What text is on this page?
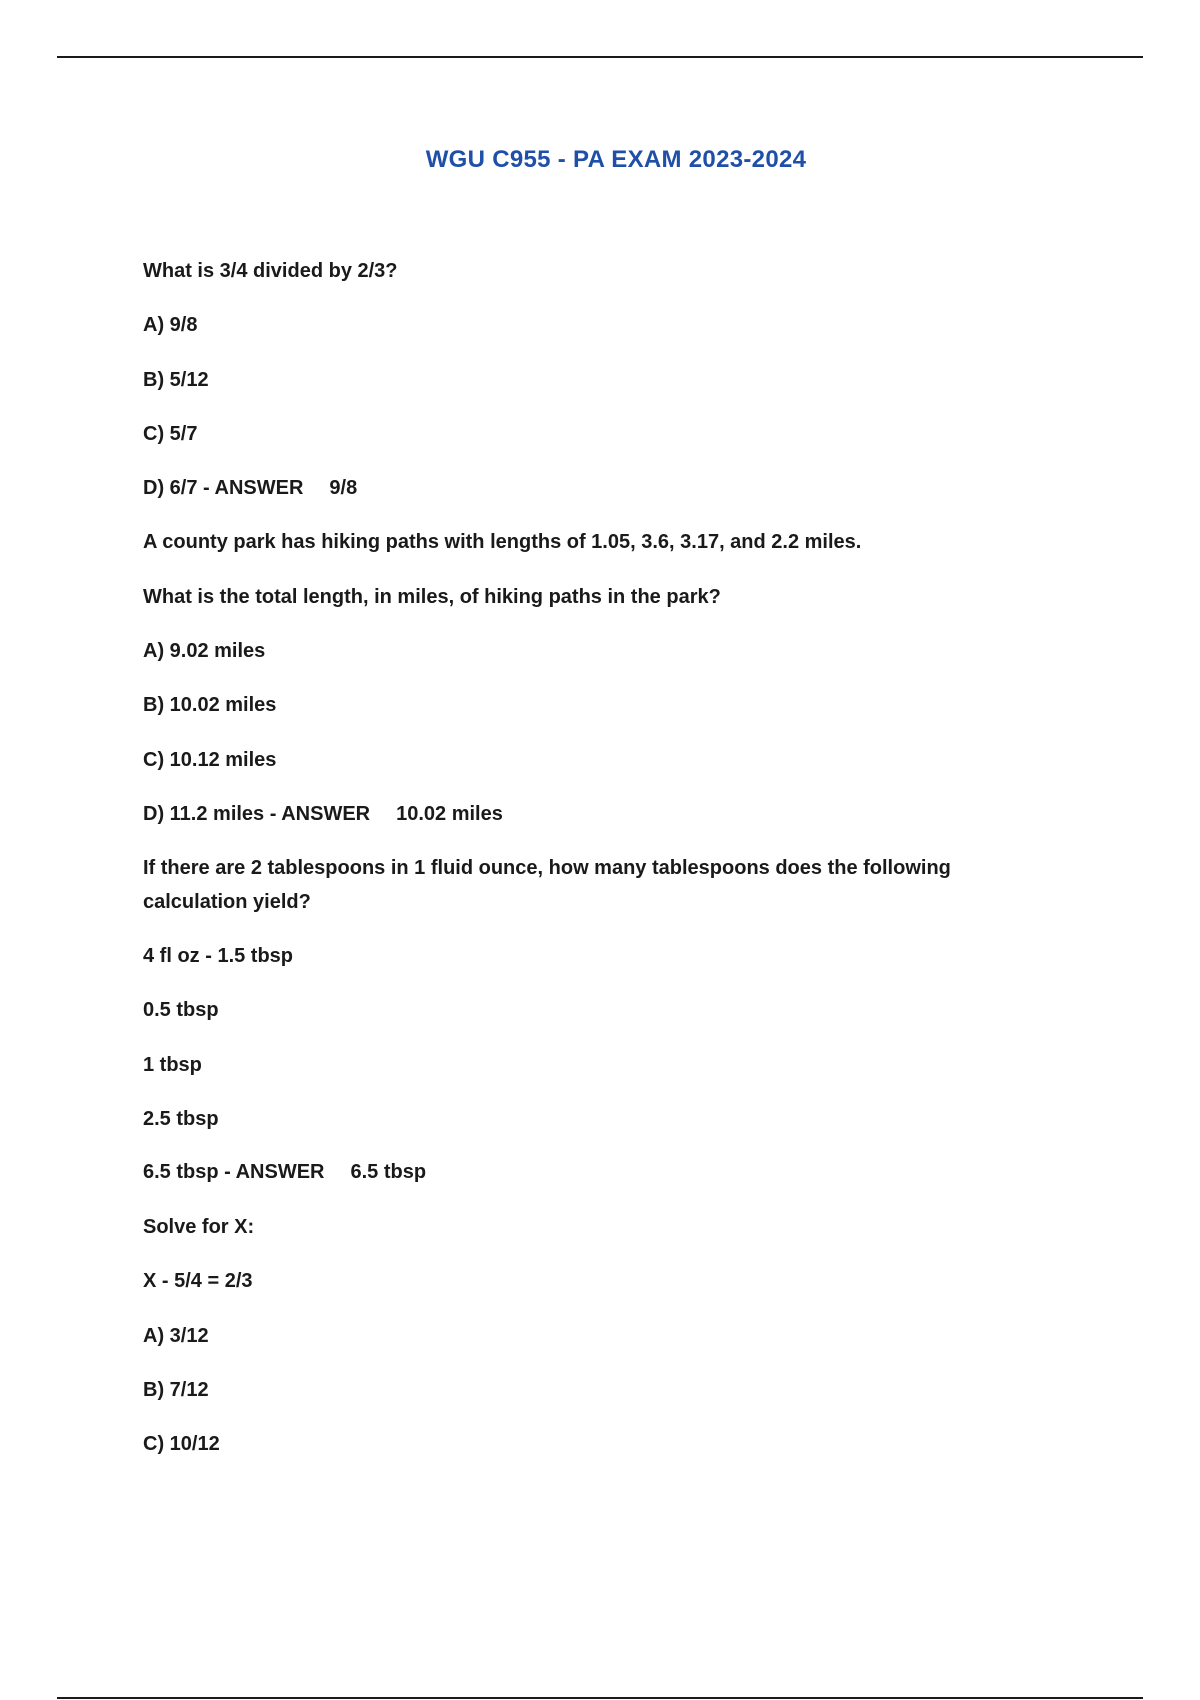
WGU C955 - PA EXAM 2023-2024
What is 3/4 divided by 2/3?
A) 9/8
B) 5/12
C) 5/7
D) 6/7 - ANSWER 9/8
A county park has hiking paths with lengths of 1.05, 3.6, 3.17, and 2.2 miles.
What is the total length, in miles, of hiking paths in the park?
A) 9.02 miles
B) 10.02 miles
C) 10.12 miles
D) 11.2 miles - ANSWER 10.02 miles
If there are 2 tablespoons in 1 fluid ounce, how many tablespoons does the following calculation yield?
4 fl oz - 1.5 tbsp
0.5 tbsp
1 tbsp
2.5 tbsp
6.5 tbsp - ANSWER 6.5 tbsp
Solve for X:
X - 5/4 = 2/3
A) 3/12
B) 7/12
C) 10/12
